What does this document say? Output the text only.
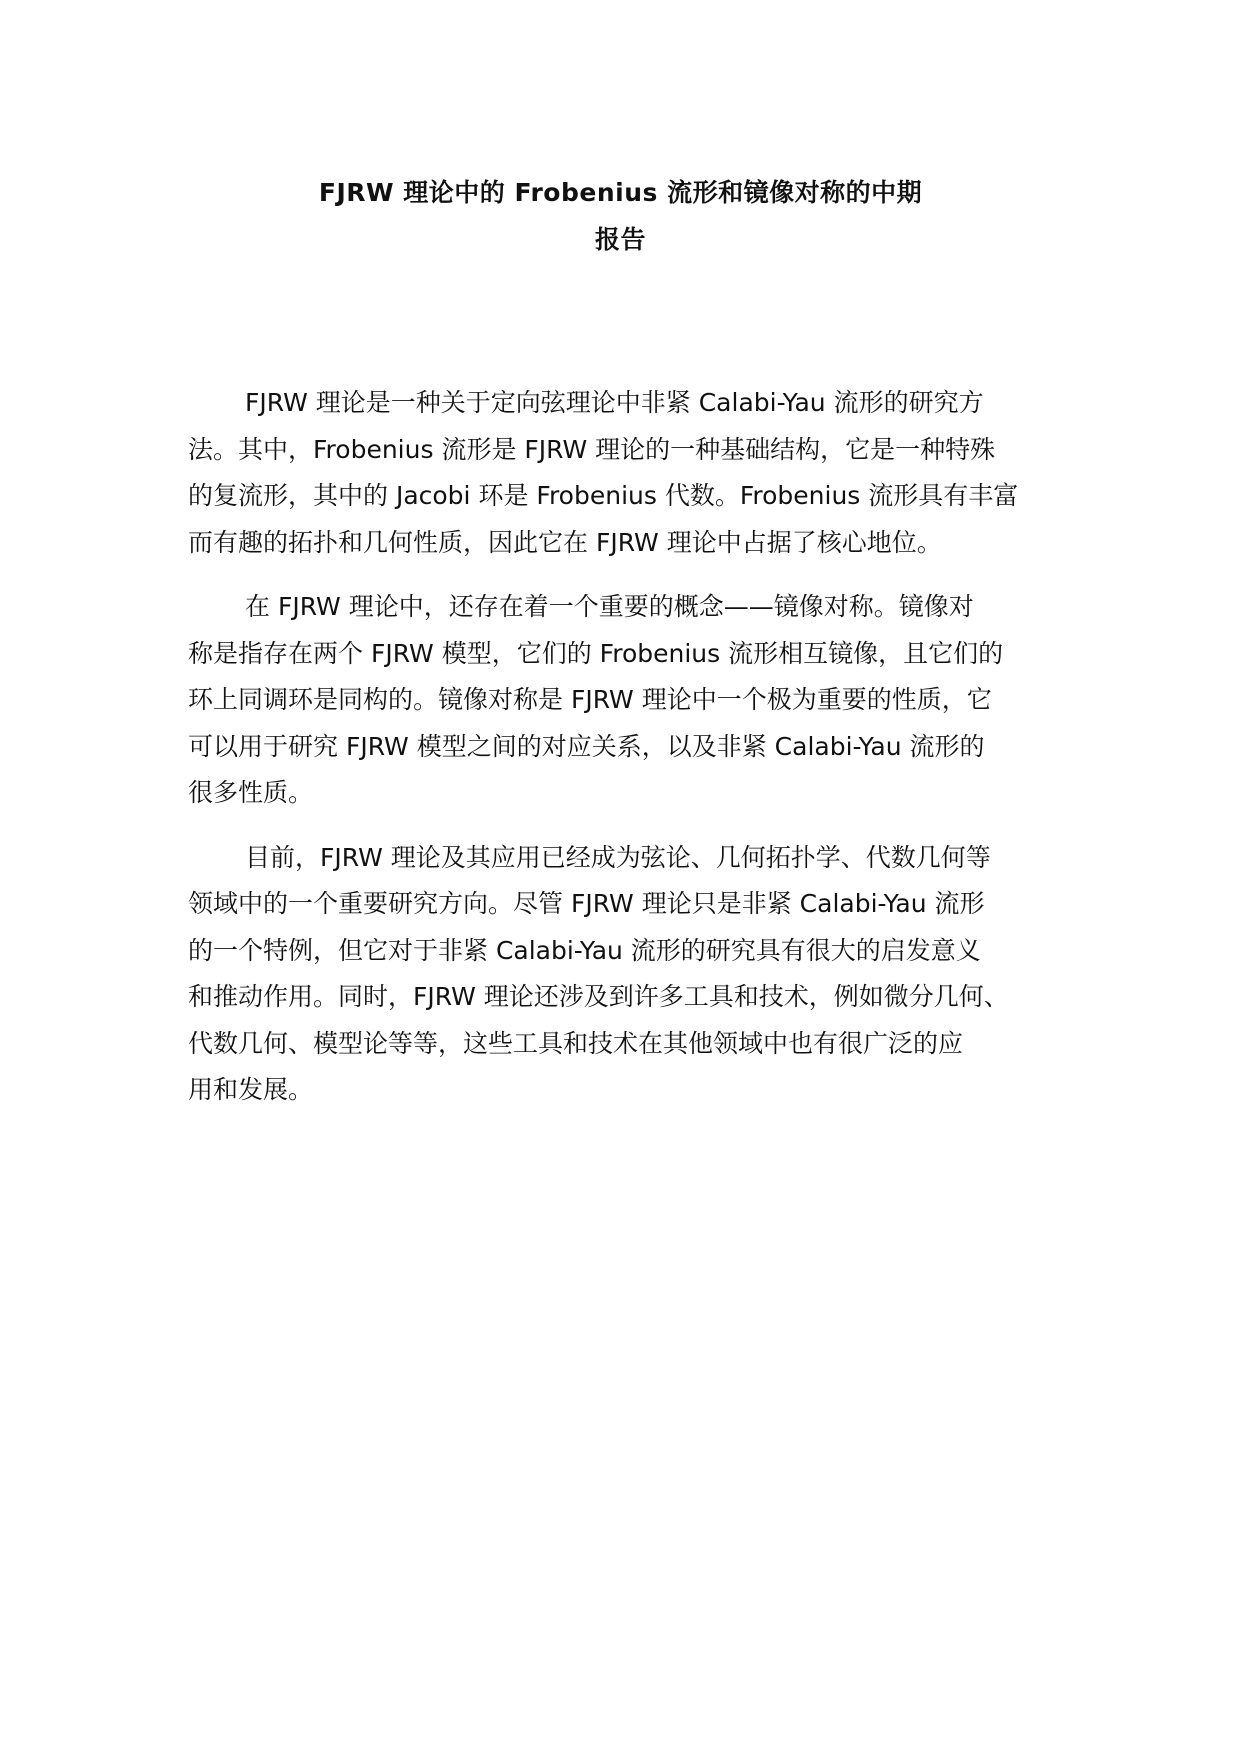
FJRW 理论中的 Frobenius 流形和镜像对称的中期
报告

FJRW 理论是一种关于定向弦理论中非紧 Calabi-Yau 流形的研究方
法。其中，Frobenius 流形是 FJRW 理论的一种基础结构，它是一种特殊
的复流形，其中的 Jacobi 环是 Frobenius 代数。Frobenius 流形具有丰富
而有趣的拓扑和几何性质，因此它在 FJRW 理论中占据了核心地位。

在 FJRW 理论中，还存在着一个重要的概念——镜像对称。镜像对
称是指存在两个 FJRW 模型，它们的 Frobenius 流形相互镜像，且它们的
环上同调环是同构的。镜像对称是 FJRW 理论中一个极为重要的性质，它
可以用于研究 FJRW 模型之间的对应关系，以及非紧 Calabi-Yau 流形的
很多性质。

目前，FJRW 理论及其应用已经成为弦论、几何拓扑学、代数几何等
领域中的一个重要研究方向。尽管 FJRW 理论只是非紧 Calabi-Yau 流形
的一个特例，但它对于非紧 Calabi-Yau 流形的研究具有很大的启发意义
和推动作用。同时，FJRW 理论还涉及到许多工具和技术，例如微分几何、
代数几何、模型论等等，这些工具和技术在其他领域中也有很广泛的应
用和发展。
